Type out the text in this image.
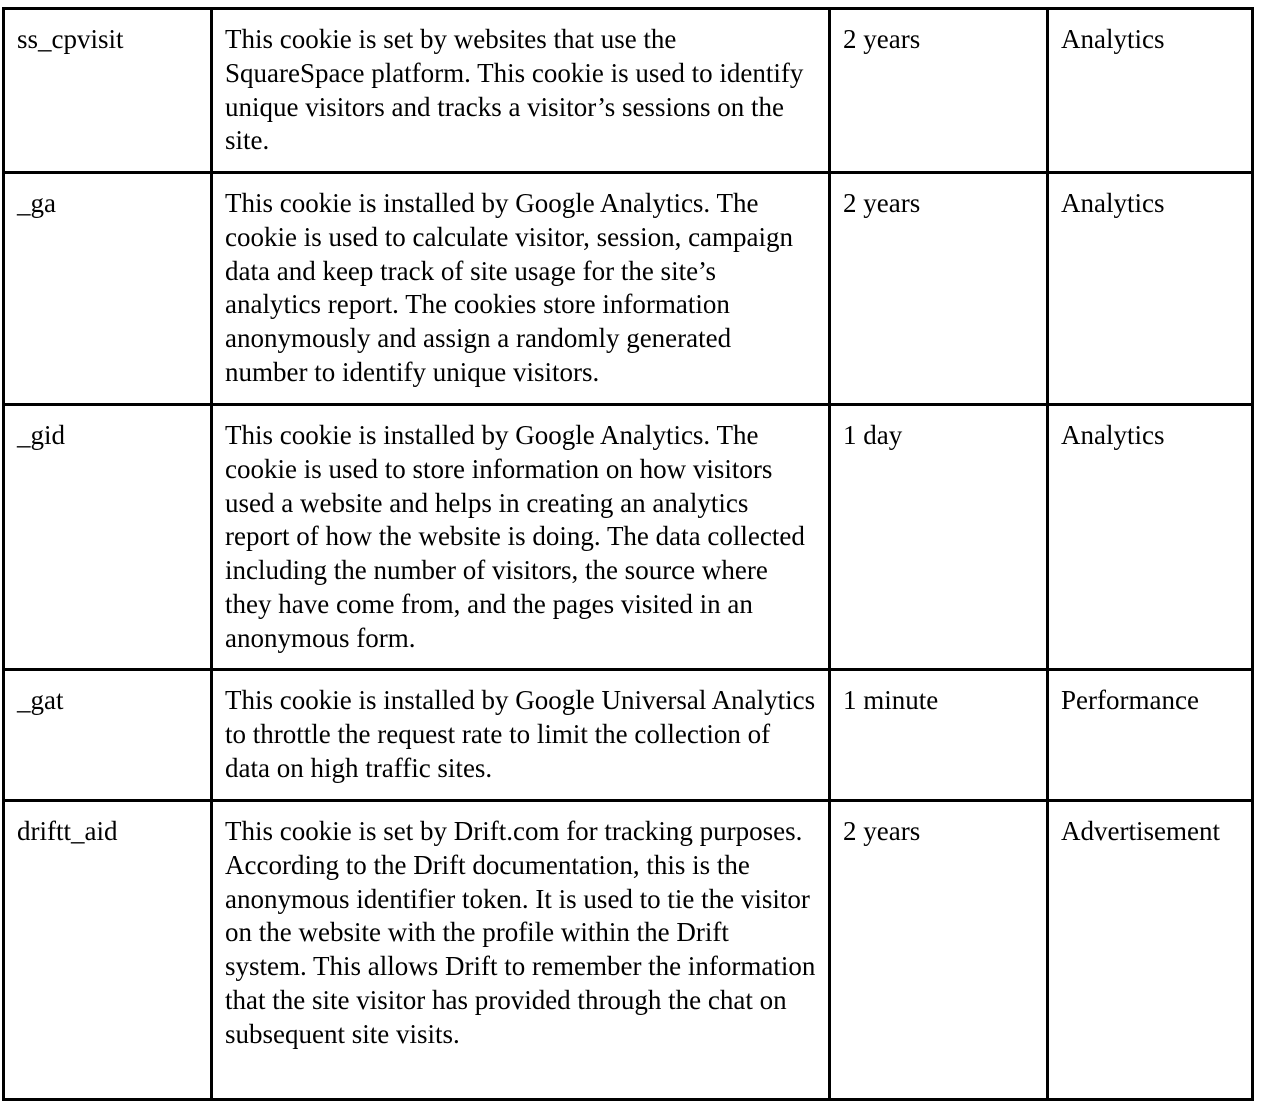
ss_cpvisit	This cookie is set by websites that use the SquareSpace platform. This cookie is used to identify unique visitors and tracks a visitor’s sessions on the site.	2 years	Analytics
_ga	This cookie is installed by Google Analytics. The cookie is used to calculate visitor, session, campaign data and keep track of site usage for the site’s analytics report. The cookies store information anonymously and assign a randomly generated number to identify unique visitors.	2 years	Analytics
_gid	This cookie is installed by Google Analytics. The cookie is used to store information on how visitors used a website and helps in creating an analytics report of how the website is doing. The data collected including the number of visitors, the source where they have come from, and the pages visited in an anonymous form.	1 day	Analytics
_gat	This cookie is installed by Google Universal Analytics to throttle the request rate to limit the collection of data on high traffic sites.	1 minute	Performance
driftt_aid	This cookie is set by Drift.com for tracking purposes. According to the Drift documentation, this is the anonymous identifier token. It is used to tie the visitor on the website with the profile within the Drift system. This allows Drift to remember the information that the site visitor has provided through the chat on subsequent site visits.	2 years	Advertisement
